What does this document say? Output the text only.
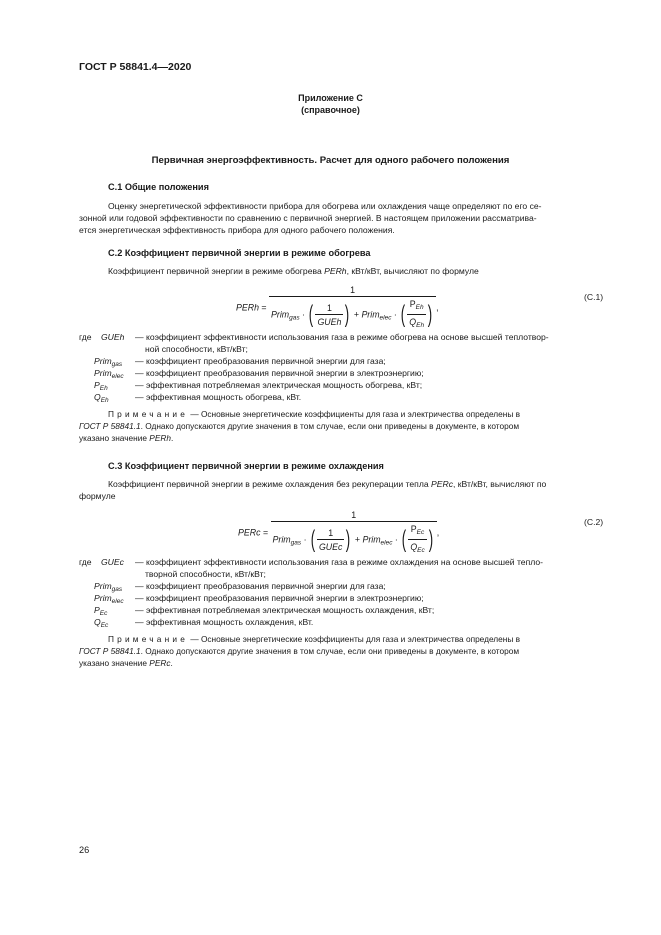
ГОСТ Р 58841.4—2020
Приложение С
(справочное)
Первичная энергоэффективность. Расчет для одного рабочего положения
С.1 Общие положения
Оценку энергетической эффективности прибора для обогрева или охлаждения чаще определяют по его се-
зонной или годовой эффективности по сравнению с первичной энергией. В настоящем приложении рассматрива-
ется энергетическая эффективность прибора для одного рабочего положения.
С.2 Коэффициент первичной энергии в режиме обогрева
Коэффициент первичной энергии в режиме обогрева PERh, кВт/кВт, вычисляют по формуле
PERh = $\frac{1}{Prim_{gas} \cdot ( \frac{1}{\text{GUEh}} ) + Prim_{elec} \cdot ( \frac{P_{Eh}}{Q_{Eh}} )}$ ,
(С.1)
где GUEh — коэффициент эффективности использования газа в режиме обогрева на основе высшей теплотвор-
ной способности, кВт/кВт;
Prim$_{gas}$ — коэффициент преобразования первичной энергии для газа;
Prim$_{elec}$ — коэффициент преобразования первичной энергии в электроэнергию;
$P_{Eh}$	— эффективная потребляемая электрическая мощность обогрева, кВт;
$Q_{Eh}$	— эффективная мощность обогрева, кВт.
Примечание — Основные энергетические коэффициенты для газа и электричества определены в
ГОСТ Р 58841.1. Однако допускаются другие значения в том случае, если они приведены в документе, в котором
указано значение PERh.
С.3 Коэффициент первичной энергии в режиме охлаждения
Коэффициент первичной энергии в режиме охлаждения без рекуперации тепла PERc, кВт/кВт, вычисляют по
формуле
PERc = $\frac{1}{Prim_{gas} \cdot ( \frac{1}{\text{GUEc}} ) + Prim_{elec} \cdot ( \frac{P_{Ec}}{Q_{Ec}} )}$ ,
(С.2)
где GUEc — коэффициент эффективности использования газа в режиме охлаждения на основе высшей тепло-
творной способности, кВт/кВт;
Prim$_{gas}$ — коэффициент преобразования первичной энергии для газа;
Prim$_{elec}$ — коэффициент преобразования первичной энергии в электроэнергию;
$P_{Ec}$	— эффективная потребляемая электрическая мощность охлаждения, кВт;
$Q_{Ec}$	— эффективная мощность охлаждения, кВт.
Примечание — Основные энергетические коэффициенты для газа и электричества определены в
ГОСТ Р 58841.1. Однако допускаются другие значения в том случае, если они приведены в документе, в котором
указано значение PERc.
26
